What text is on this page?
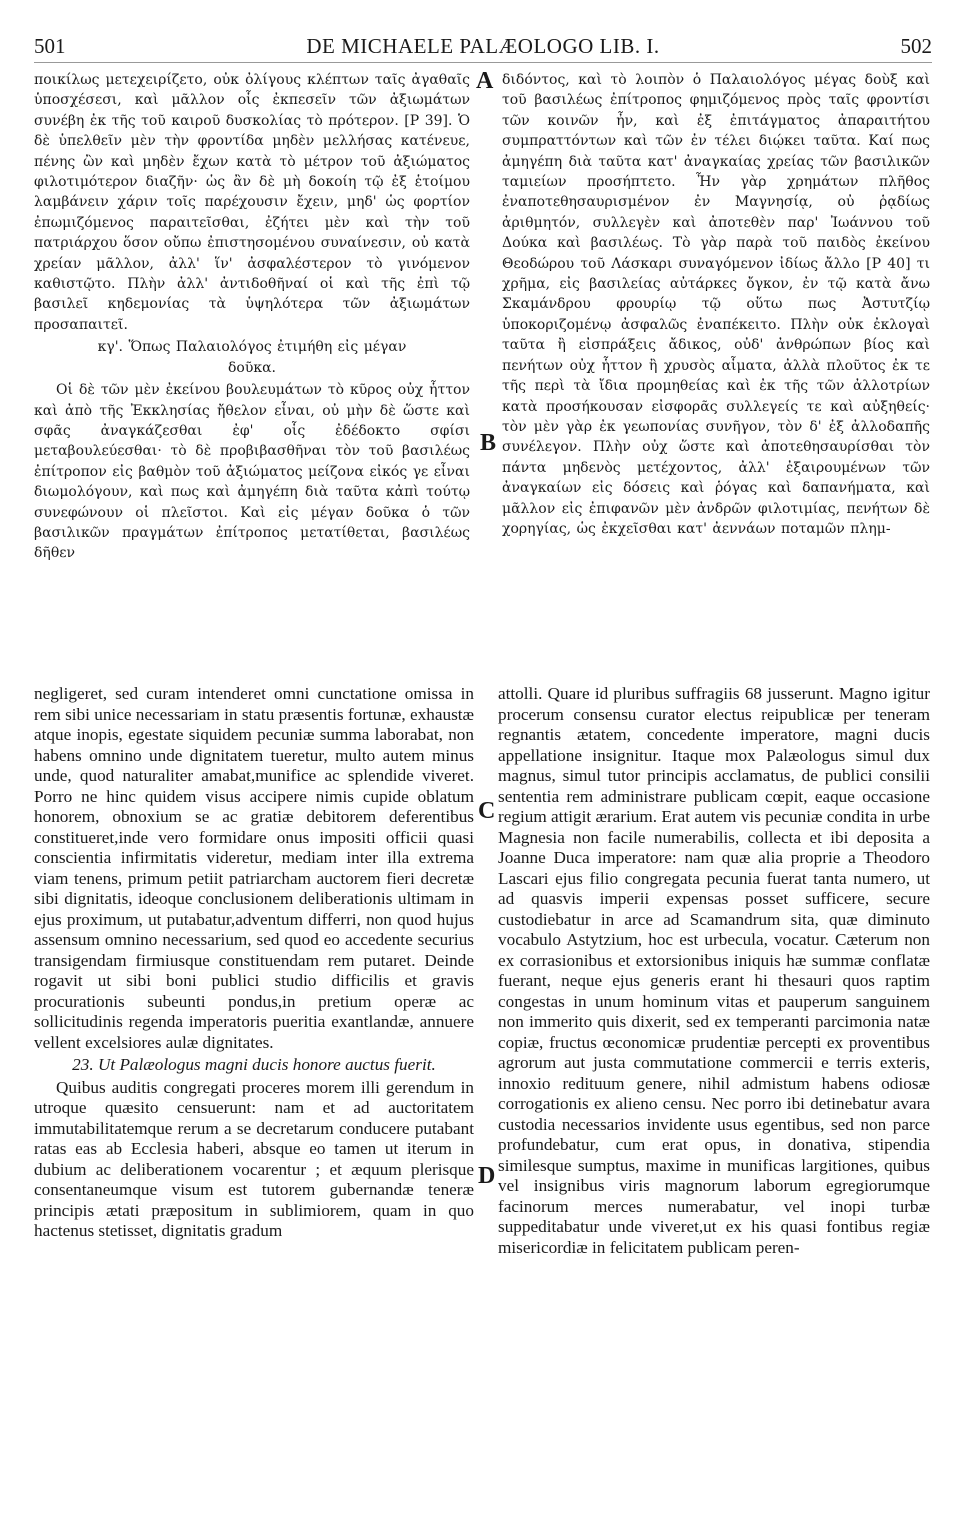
501	DE MICHAELE PALÆOLOGO LIB. I.	502

ποικίλως μετεχειρίζετο, οὐκ ὀλίγους κλέπτων ταῖς ἀγαθαῖς ὑποσχέσεσι, καὶ μᾶλλον οἷς ἐκπεσεῖν τῶν ἀξιωμάτων συνέβη ἐκ τῆς τοῦ καιροῦ δυσκολίας τὸ πρότερον. [P 39]. Ὁ δὲ ὑπελθεῖν μὲν τὴν φροντίδα μηδὲν μελλήσας κατένευε, πένης ὢν καὶ μηδὲν ἔχων κατὰ τὸ μέτρον τοῦ ἀξιώματος φιλοτιμότερον διαζῆν· ὡς ἂν δὲ μὴ δοκοίη τῷ ἐξ ἑτοίμου λαμβάνειν χάριν τοῖς παρέχουσιν ἔχειν, μηδ' ὡς φορτίον ἐπωμιζόμενος παραιτεῖσθαι, ἐζήτει μὲν καὶ τὴν τοῦ πατριάρχου ὅσον οὔπω ἐπιστησομένου συναίνεσιν, οὐ κατὰ χρείαν μᾶλλον, ἀλλ' ἵν' ἀσφαλέστερον τὸ γινόμενον καθιστῷτο. Πλὴν ἀλλ' ἀντιδοθῆναί οἱ καὶ τῆς ἐπὶ τῷ βασιλεῖ κηδεμονίας τὰ ὑψηλότερα τῶν ἀξιωμάτων προσαπαιτεῖ.

κγ'. Ὅπως Παλαιολόγος ἐτιμήθη εἰς μέγαν δοῦκα.

Οἱ δὲ τῶν μὲν ἐκείνου βουλευμάτων τὸ κῦρος οὐχ ἧττον καὶ ἀπὸ τῆς Ἐκκλησίας ἤθελον εἶναι, οὐ μὴν δὲ ὥστε καὶ σφᾶς ἀναγκάζεσθαι ἐφ' οἷς ἐδέδοκτο σφίσι μεταβουλεύεσθαι· τὸ δὲ προβιβασθῆναι τὸν τοῦ βασιλέως ἐπίτροπον εἰς βαθμὸν τοῦ ἀξιώματος μείζονα εἰκός γε εἶναι διωμολόγουν, καὶ πως καὶ ἀμηγέπη διὰ ταῦτα κἀπὶ τούτῳ συνεφώνουν οἱ πλεῖστοι. Καὶ εἰς μέγαν δοῦκα ὁ τῶν βασιλικῶν πραγμάτων ἐπίτροπος μετατίθεται, βασιλέως δῆθεν

διδόντος, καὶ τὸ λοιπὸν ὁ Παλαιολόγος μέγας δοὺξ καὶ τοῦ βασιλέως ἐπίτροπος φημιζόμενος πρὸς ταῖς φροντίσι τῶν κοινῶν ἦν, καὶ ἐξ ἐπιτάγματος ἀπαραιτήτου συμπραττόντων καὶ τῶν ἐν τέλει διῴκει ταῦτα. Καί πως ἀμηγέπη διὰ ταῦτα κατ' ἀναγκαίας χρείας τῶν βασιλικῶν ταμιείων προσήπτετο. Ἦν γὰρ χρημάτων πλῆθος ἐναποτεθησαυρισμένον ἐν Μαγνησίᾳ, οὐ ῥᾳδίως ἀριθμητόν, συλλεγὲν καὶ ἀποτεθὲν παρ' Ἰωάννου τοῦ Δούκα καὶ βασιλέως. Τὸ γὰρ παρὰ τοῦ παιδὸς ἐκείνου Θεοδώρου τοῦ Λάσκαρι συναγόμενον ἰδίως ἄλλο [P 40] τι χρῆμα, εἰς βασιλείας αὐτάρκες ὄγκον, ἐν τῷ κατὰ ἄνω Σκαμάνδρου φρουρίῳ τῷ οὕτω πως Ἀστυτζίῳ ὑποκοριζομένῳ ἀσφαλῶς ἐναπέκειτο. Πλὴν οὐκ ἐκλογαὶ ταῦτα ἢ εἰσπράξεις ἄδικος, οὐδ' ἀνθρώπων βίος καὶ πενήτων οὐχ ἧττον ἢ χρυσὸς αἷματα, ἀλλὰ πλοῦτος ἐκ τε τῆς περὶ τὰ ἴδια προμηθείας καὶ ἐκ τῆς τῶν ἀλλοτρίων κατὰ προσήκουσαν εἰσφορᾶς συλλεγείς τε καὶ αὐξηθείς· τὸν μὲν γὰρ ἐκ γεωπονίας συνῆγον, τὸν δ' ἐξ ἀλλοδαπῆς συνέλεγον. Πλὴν οὐχ ὥστε καὶ ἀποτεθησαυρίσθαι τὸν πάντα μηδενὸς μετέχοντος, ἀλλ' ἐξαιρουμένων τῶν ἀναγκαίων εἰς δόσεις καὶ ῥόγας καὶ δαπανήματα, καὶ μᾶλλον εἰς ἐπιφανῶν μὲν ἀνδρῶν φιλοτιμίας, πενήτων δὲ χορηγίας, ὡς ἐκχεῖσθαι κατ' ἀεννάων ποταμῶν πλημ-

A
B
C
D

negligeret, sed curam intenderet omni cunctatione omissa in rem sibi unice necessariam in statu præsentis fortunæ, exhaustæ atque inopis, egestate siquidem pecuniæ summa laborabat, non habens omnino unde dignitatem tueretur, multo autem minus unde, quod naturaliter amabat,munifice ac splendide viveret. Porro ne hinc quidem visus accipere nimis cupide oblatum honorem, obnoxium se ac gratiæ debitorem deferentibus constitueret,inde vero formidare onus impositi officii quasi conscientia infirmitatis videretur, mediam inter illa extrema viam tenens, primum petiit patriarcham auctorem fieri decretæ sibi dignitatis, ideoque conclusionem deliberationis ultimam in ejus proximum, ut putabatur,adventum differri, non quod hujus assensum omnino necessarium, sed quod eo accedente securius transigendam firmiusque constituendam rem putaret. Deinde rogavit ut sibi boni publici studio difficilis et gravis procurationis subeunti pondus,in pretium operæ ac sollicitudinis regenda imperatoris pueritia exantlandæ, annuere vellent excelsiores aulæ dignitates.

23. Ut Palæologus magni ducis honore auctus fuerit.

Quibus auditis congregati proceres morem illi gerendum in utroque quæsito censuerunt: nam et ad auctoritatem immutabilitatemque rerum a se decretarum conducere putabant ratas eas ab Ecclesia haberi, absque eo tamen ut iterum in dubium ac deliberationem vocarentur ; et æquum plerisque consentaneumque visum est tutorem gubernandæ teneræ principis ætati præpositum in sublimiorem, quam in quo hactenus stetisset, dignitatis gradum

attolli. Quare id pluribus suffragiis 68 jusserunt. Magno igitur procerum consensu curator electus reipublicæ per teneram regnantis ætatem, concedente imperatore, magni ducis appellatione insignitur. Itaque mox Palæologus simul dux magnus, simul tutor principis acclamatus, de publici consilii sententia rem administrare publicam cœpit, eaque occasione regium attigit ærarium. Erat autem vis pecuniæ condita in urbe Magnesia non facile numerabilis, collecta et ibi deposita a Joanne Duca imperatore: nam quæ alia proprie a Theodoro Lascari ejus filio congregata pecunia fuerat tanta numero, ut ad quasvis imperii expensas posset sufficere, secure custodiebatur in arce ad Scamandrum sita, quæ diminuto vocabulo Astytzium, hoc est urbecula, vocatur. Cæterum non ex corrasionibus et extorsionibus iniquis hæ summæ conflatæ fuerant, neque ejus generis erant hi thesauri quos raptim congestas in unum hominum vitas et pauperum sanguinem non immerito quis dixerit, sed ex temperanti parcimonia natæ copiæ, fructus œconomicæ prudentiæ percepti ex proventibus agrorum aut justa commutatione commercii e terris exteris, innoxio redituum genere, nihil admistum habens odiosæ corrogationis ex alieno censu. Nec porro ibi detinebatur avara custodia necessarios invidente usus egentibus, sed non parce profundebatur, cum erat opus, in donativa, stipendia similesque sumptus, maxime in munificas largitiones, quibus vel insignibus viris magnorum laborum egregiorumque facinorum merces numerabatur, vel inopi turbæ suppeditabatur unde viveret,ut ex his quasi fontibus regiæ misericordiæ in felicitatem publicam peren-
